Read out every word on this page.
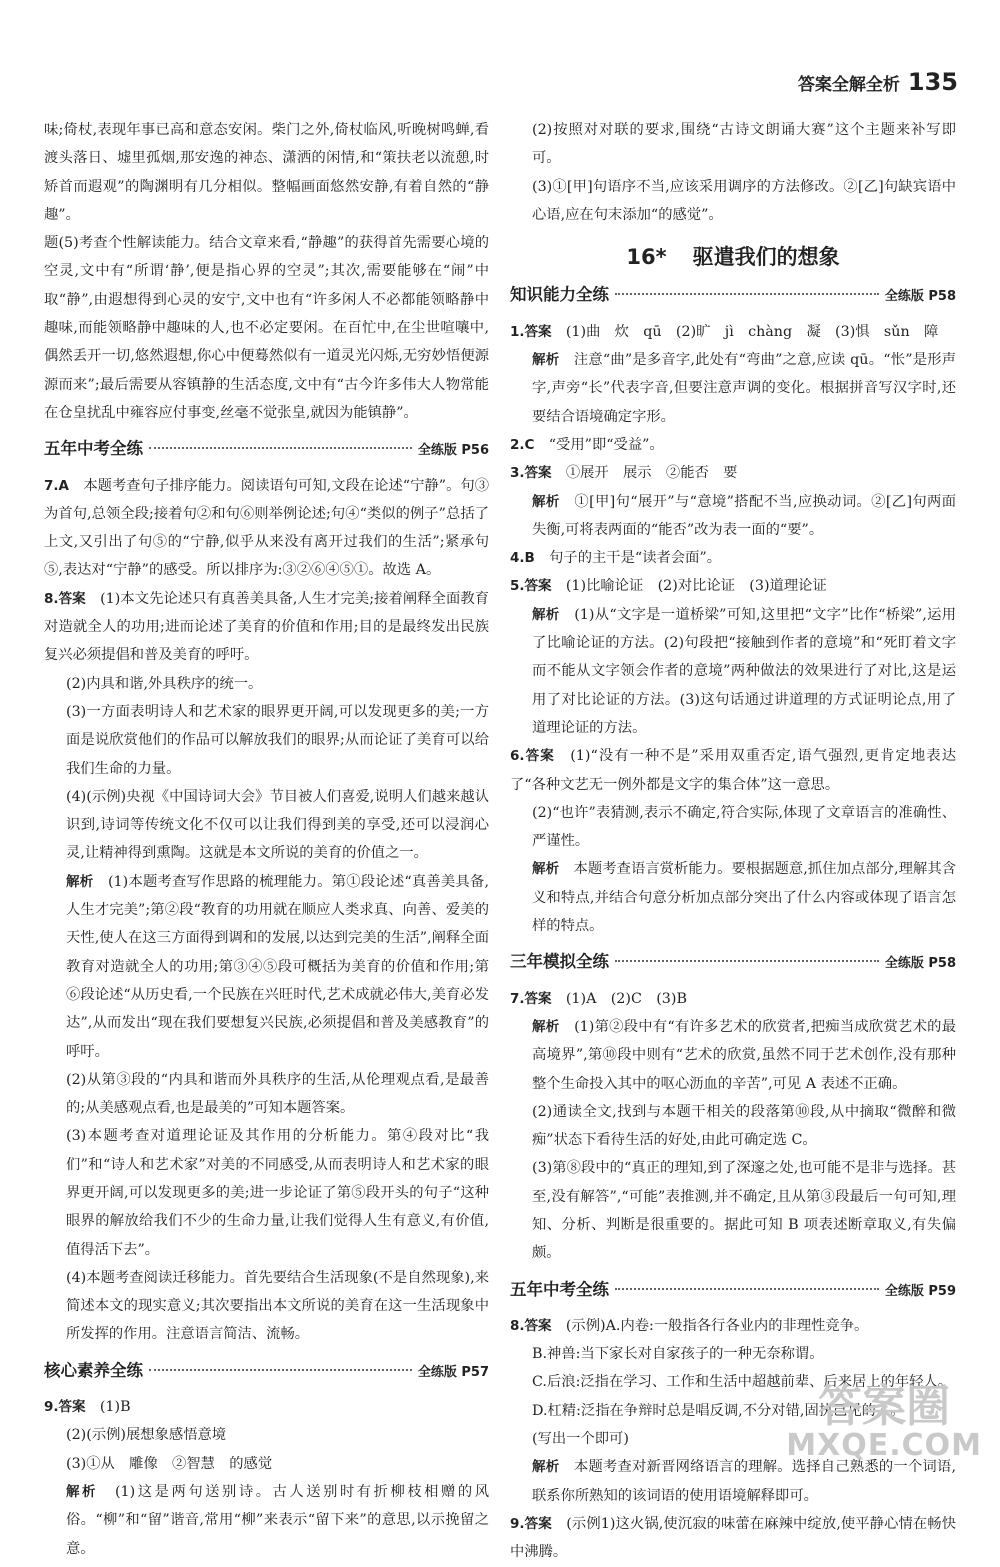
答案全解全析 135

味;倚杖,表现年事已高和意态安闲。柴门之外,倚杖临风,听晚树鸣蝉,看渡头落日、墟里孤烟,那安逸的神态、潇洒的闲情,和“策扶老以流憩,时矫首而遐观”的陶渊明有几分相似。整幅画面悠然安静,有着自然的“静趣”。

题(5)考查个性解读能力。结合文章来看,“静趣”的获得首先需要心境的空灵,文中有“所谓‘静’,便是指心界的空灵”;其次,需要能够在“闹”中取“静”,由遐想得到心灵的安宁,文中也有“许多闲人不必都能领略静中趣味,而能领略静中趣味的人,也不必定要闲。在百忙中,在尘世喧嚷中,偶然丢开一切,悠然遐想,你心中便蓦然似有一道灵光闪烁,无穷妙悟便源源而来”;最后需要从容镇静的生活态度,文中有“古今许多伟大人物常能在仓皇扰乱中雍容应付事变,丝毫不觉张皇,就因为能镇静”。

五年中考全练	全练版 P56

7.A　 本题考查句子排序能力。阅读语句可知,文段在论述“宁静”。句③为首句,总领全段;接着句②和句⑥则举例论述;句④“类似的例子”总括了上文,又引出了句⑤的“宁静,似乎从来没有离开过我们的生活”;紧承句⑤,表达对“宁静”的感受。所以排序为:③②⑥④⑤①。故选 A。

8.答案　 (1)本文先论述只有真善美具备,人生才完美;接着阐释全面教育对造就全人的功用;进而论述了美育的价值和作用;目的是最终发出民族复兴必须提倡和普及美育的呼吁。

(2)内具和谐,外具秩序的统一。

(3)一方面表明诗人和艺术家的眼界更开阔,可以发现更多的美;一方面是说欣赏他们的作品可以解放我们的眼界;从而论证了美育可以给我们生命的力量。

(4)(示例)央视《中国诗词大会》节目被人们喜爱,说明人们越来越认识到,诗词等传统文化不仅可以让我们得到美的享受,还可以浸润心灵,让精神得到熏陶。这就是本文所说的美育的价值之一。

解析　 (1)本题考查写作思路的梳理能力。第①段论述“真善美具备,人生才完美”;第②段“教育的功用就在顺应人类求真、向善、爱美的天性,使人在这三方面得到调和的发展,以达到完美的生活”,阐释全面教育对造就全人的功用;第③④⑤段可概括为美育的价值和作用;第⑥段论述“从历史看,一个民族在兴旺时代,艺术成就必伟大,美育必发达”,从而发出“现在我们要想复兴民族,必须提倡和普及美感教育”的呼吁。

(2)从第③段的“内具和谐而外具秩序的生活,从伦理观点看,是最善的;从美感观点看,也是最美的”可知本题答案。

(3)本题考查对道理论证及其作用的分析能力。第④段对比“我们”和“诗人和艺术家”对美的不同感受,从而表明诗人和艺术家的眼界更开阔,可以发现更多的美;进一步论证了第⑤段开头的句子“这种眼界的解放给我们不少的生命力量,让我们觉得人生有意义,有价值,值得活下去”。

(4)本题考查阅读迁移能力。首先要结合生活现象(不是自然现象),来简述本文的现实意义;其次要指出本文所说的美育在这一生活现象中所发挥的作用。注意语言简洁、流畅。

核心素养全练	全练版 P57

9.答案　 (1)B

(2)(示例)展想象感悟意境

(3)①从　雕像　②智慧　的感觉

解析　 (1)这是两句送别诗。古人送别时有折柳枝相赠的风俗。“柳”和“留”谐音,常用“柳”来表示“留下来”的意思,以示挽留之意。

(2)按照对对联的要求,围绕“古诗文朗诵大赛”这个主题来补写即可。

(3)①[甲]句语序不当,应该采用调序的方法修改。②[乙]句缺宾语中心语,应在句末添加“的感觉”。

16* 驱遣我们的想象
知识能力全练	全练版 P58

1.答案　 (1)曲　炊　qū　(2)旷　jì　chàng　凝　(3)惧　sǔn　障

解析　 注意“曲”是多音字,此处有“弯曲”之意,应读 qū。“怅”是形声字,声旁“长”代表字音,但要注意声调的变化。根据拼音写汉字时,还要结合语境确定字形。

2.C　 “受用”即“受益”。

3.答案　 ①展开　展示　②能否　要

解析　 ①[甲]句“展开”与“意境”搭配不当,应换动词。②[乙]句两面失衡,可将表两面的“能否”改为表一面的“要”。

4.B　 句子的主干是“读者会面”。

5.答案　 (1)比喻论证　(2)对比论证　(3)道理论证

解析　 (1)从“文字是一道桥梁”可知,这里把“文字”比作“桥梁”,运用了比喻论证的方法。(2)句段把“接触到作者的意境”和“死盯着文字而不能从文字领会作者的意境”两种做法的效果进行了对比,这是运用了对比论证的方法。(3)这句话通过讲道理的方式证明论点,用了道理论证的方法。

6.答案　 (1)“没有一种不是”采用双重否定,语气强烈,更肯定地表达了“各种文艺无一例外都是文字的集合体”这一意思。

(2)“也许”表猜测,表示不确定,符合实际,体现了文章语言的准确性、严谨性。

解析　 本题考查语言赏析能力。要根据题意,抓住加点部分,理解其含义和特点,并结合句意分析加点部分突出了什么内容或体现了语言怎样的特点。

三年模拟全练	全练版 P58

7.答案　 (1)A　(2)C　(3)B

解析　 (1)第②段中有“有许多艺术的欣赏者,把痴当成欣赏艺术的最高境界”,第⑩段中则有“艺术的欣赏,虽然不同于艺术创作,没有那种整个生命投入其中的呕心沥血的辛苦”,可见 A 表述不正确。

(2)通读全文,找到与本题干相关的段落第⑩段,从中摘取“微醉和微痴”状态下看待生活的好处,由此可确定选 C。

(3)第⑧段中的“真正的理知,到了深邃之处,也可能不是非与选择。甚至,没有解答”,“可能”表推测,并不确定,且从第③段最后一句可知,理知、分析、判断是很重要的。据此可知 B 项表述断章取义,有失偏颇。

五年中考全练	全练版 P59

8.答案　 (示例)A.内卷:一般指各行各业内的非理性竞争。

B.神兽:当下家长对自家孩子的一种无奈称谓。

C.后浪:泛指在学习、工作和生活中超越前辈、后来居上的年轻人。

D.杠精:泛指在争辩时总是唱反调,不分对错,固执己见的人。

(写出一个即可)

解析　 本题考查对新晋网络语言的理解。选择自己熟悉的一个词语,联系你所熟知的该词语的使用语境解释即可。

9.答案　 (示例1)这火锅,使沉寂的味蕾在麻辣中绽放,使平静心情在畅快中沸腾。

答案圈
MXQE.COM
